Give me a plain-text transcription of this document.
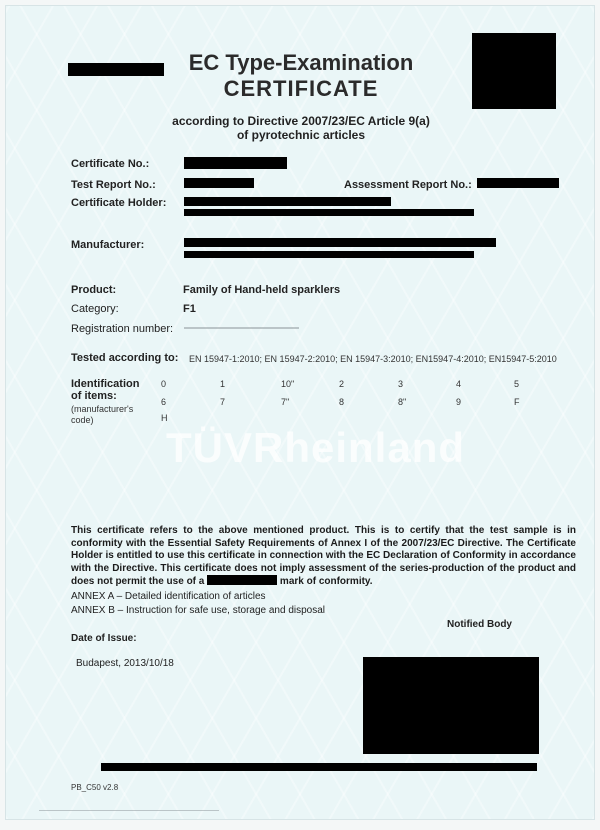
EC Type-Examination
CERTIFICATE
according to Directive 2007/23/EC Article 9(a)
of pyrotechnic articles
Certificate No.:
Test Report No.:	Assessment Report No.:
Certificate Holder:
Manufacturer:
Product:	Family of Hand-held sparklers
Category:	F1
Registration number:
Tested according to: EN 15947-1:2010; EN 15947-2:2010; EN 15947-3:2010; EN15947-4:2010; EN15947-5:2010
Identification
of items:
(manufacturer's
code)
0	1	10"	2	3	4	5
6	7	7"	8	8"	9	F
H
TÜVRheinland
This certificate refers to the above mentioned product. This is to certify that the test sample is in conformity with the Essential Safety Requirements of Annex I of the 2007/23/EC Directive. The Certificate Holder is entitled to use this certificate in connection with the EC Declaration of Conformity in accordance with the Directive. This certificate does not imply assessment of the series-production of the product and does not permit the use of a	mark of conformity.
ANNEX A – Detailed identification of articles
ANNEX B – Instruction for safe use, storage and disposal
Notified Body
Date of Issue:
Budapest, 2013/10/18
PB_C50 v2.8
